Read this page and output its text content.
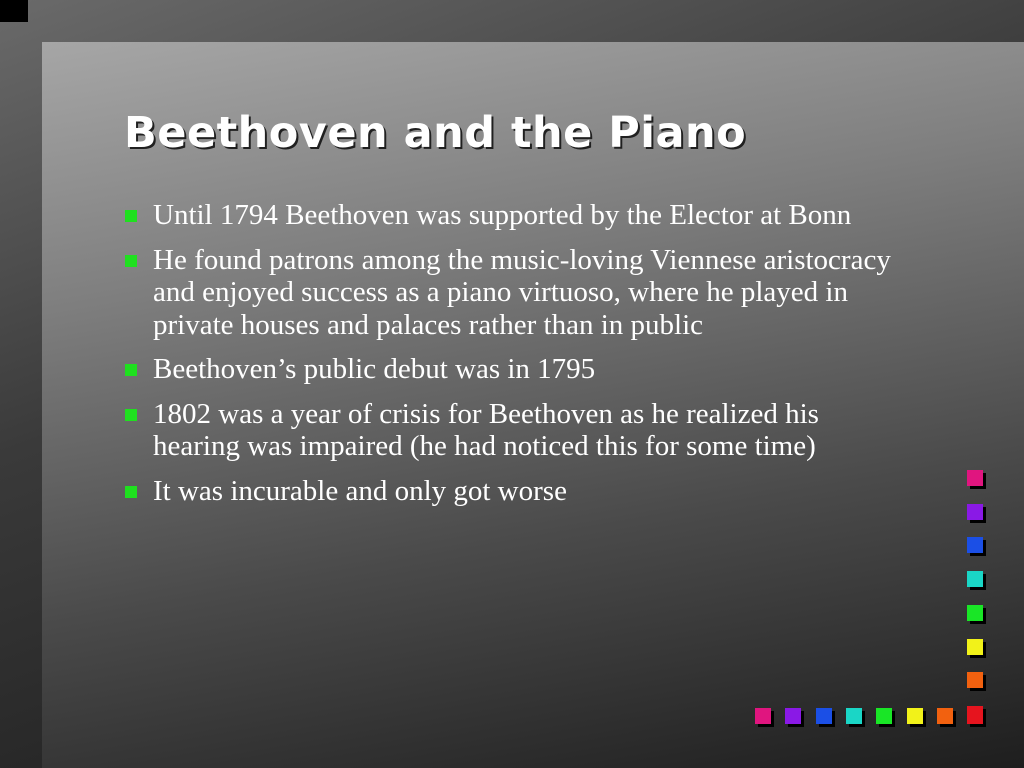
Beethoven and the Piano
Until 1794 Beethoven was supported by the Elector at Bonn
He found patrons among the music-loving Viennese aristocracy and enjoyed success as a piano virtuoso, where he played in private houses and palaces rather than in public
Beethoven’s public debut was in 1795
1802 was a year of crisis for Beethoven as he realized his hearing was impaired (he had noticed this for some time)
It was incurable and only got worse
